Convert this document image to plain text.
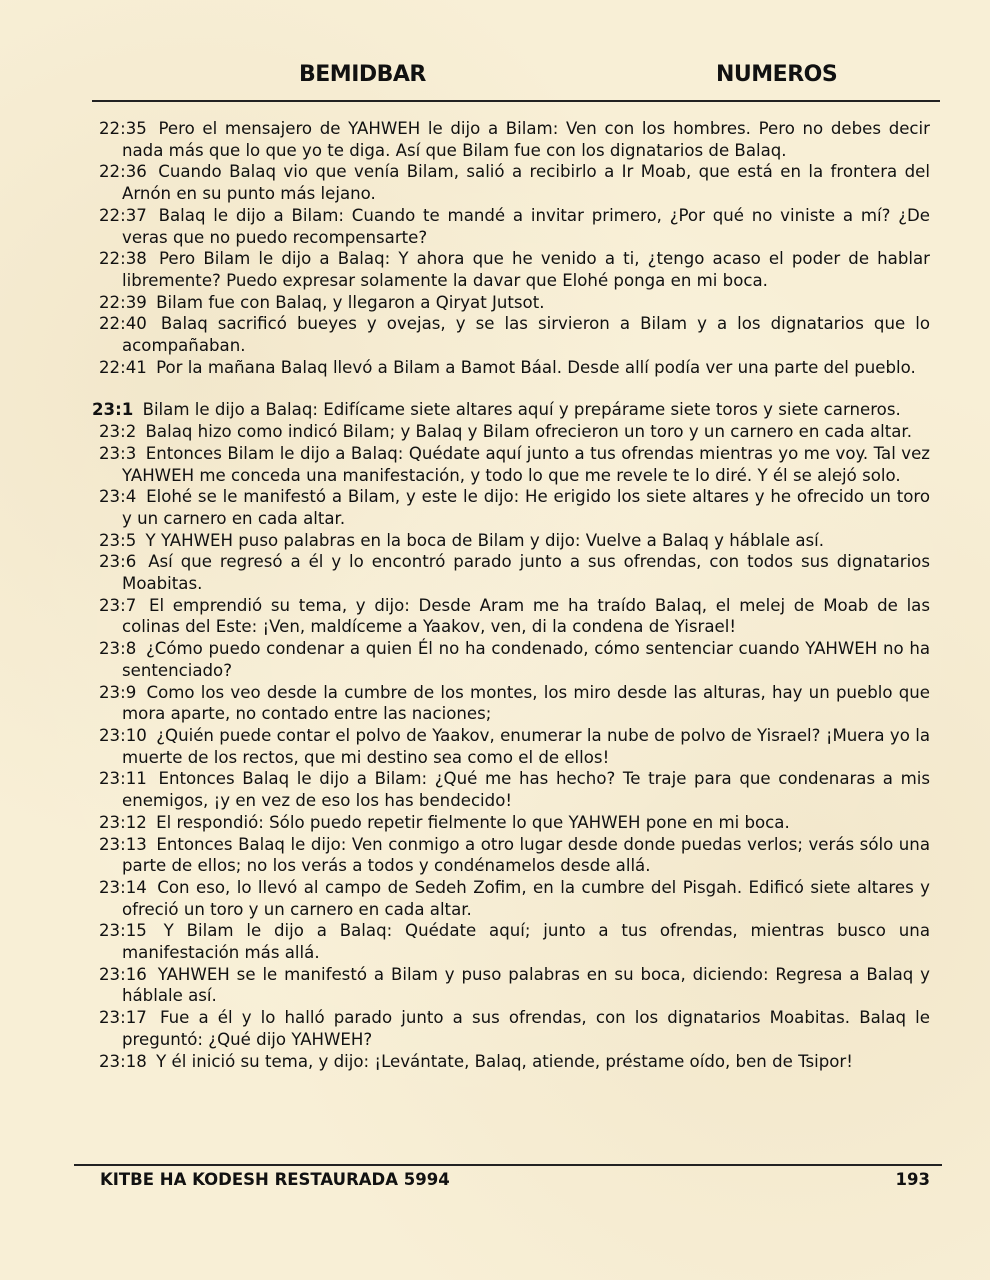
BEMIDBAR	NUMEROS

22:35 Pero el mensajero de YAHWEH le dijo a Bilam: Ven con los hombres. Pero no debes decir nada más que lo que yo te diga. Así que Bilam fue con los dignatarios de Balaq.

22:36 Cuando Balaq vio que venía Bilam, salió a recibirlo a Ir Moab, que está en la frontera del Arnón en su punto más lejano.

22:37 Balaq le dijo a Bilam: Cuando te mandé a invitar primero, ¿Por qué no viniste a mí? ¿De veras que no puedo recompensarte?

22:38 Pero Bilam le dijo a Balaq: Y ahora que he venido a ti, ¿tengo acaso el poder de hablar libremente? Puedo expresar solamente la davar que Elohé ponga en mi boca.

22:39 Bilam fue con Balaq, y llegaron a Qiryat Jutsot.

22:40 Balaq sacrificó bueyes y ovejas, y se las sirvieron a Bilam y a los dignatarios que lo acompañaban.

22:41 Por la mañana Balaq llevó a Bilam a Bamot Báal. Desde allí podía ver una parte del pueblo.

23:1 Bilam le dijo a Balaq: Edifícame siete altares aquí y prepárame siete toros y siete carneros.

23:2 Balaq hizo como indicó Bilam; y Balaq y Bilam ofrecieron un toro y un carnero en cada altar.

23:3 Entonces Bilam le dijo a Balaq: Quédate aquí junto a tus ofrendas mientras yo me voy. Tal vez YAHWEH me conceda una manifestación, y todo lo que me revele te lo diré. Y él se alejó solo.

23:4 Elohé se le manifestó a Bilam, y este le dijo: He erigido los siete altares y he ofrecido un toro y un carnero en cada altar.

23:5 Y YAHWEH puso palabras en la boca de Bilam y dijo: Vuelve a Balaq y háblale así.

23:6 Así que regresó a él y lo encontró parado junto a sus ofrendas, con todos sus dignatarios Moabitas.

23:7 El emprendió su tema, y dijo: Desde Aram me ha traído Balaq, el melej de Moab de las colinas del Este: ¡Ven, maldíceme a Yaakov, ven, di la condena de Yisrael!

23:8 ¿Cómo puedo condenar a quien Él no ha condenado, cómo sentenciar cuando YAHWEH no ha sentenciado?

23:9 Como los veo desde la cumbre de los montes, los miro desde las alturas, hay un pueblo que mora aparte, no contado entre las naciones;

23:10 ¿Quién puede contar el polvo de Yaakov, enumerar la nube de polvo de Yisrael? ¡Muera yo la muerte de los rectos, que mi destino sea como el de ellos!

23:11 Entonces Balaq le dijo a Bilam: ¿Qué me has hecho? Te traje para que condenaras a mis enemigos, ¡y en vez de eso los has bendecido!

23:12 El respondió: Sólo puedo repetir fielmente lo que YAHWEH pone en mi boca.

23:13 Entonces Balaq le dijo: Ven conmigo a otro lugar desde donde puedas verlos; verás sólo una parte de ellos; no los verás a todos y condénamelos desde allá.

23:14 Con eso, lo llevó al campo de Sedeh Zofim, en la cumbre del Pisgah. Edificó siete altares y ofreció un toro y un carnero en cada altar.

23:15 Y Bilam le dijo a Balaq: Quédate aquí; junto a tus ofrendas, mientras busco una manifestación más allá.

23:16 YAHWEH se le manifestó a Bilam y puso palabras en su boca, diciendo: Regresa a Balaq y háblale así.

23:17 Fue a él y lo halló parado junto a sus ofrendas, con los dignatarios Moabitas. Balaq le preguntó: ¿Qué dijo YAHWEH?

23:18 Y él inició su tema, y dijo: ¡Levántate, Balaq, atiende, préstame oído, ben de Tsipor!

KITBE HA KODESH RESTAURADA 5994	193
